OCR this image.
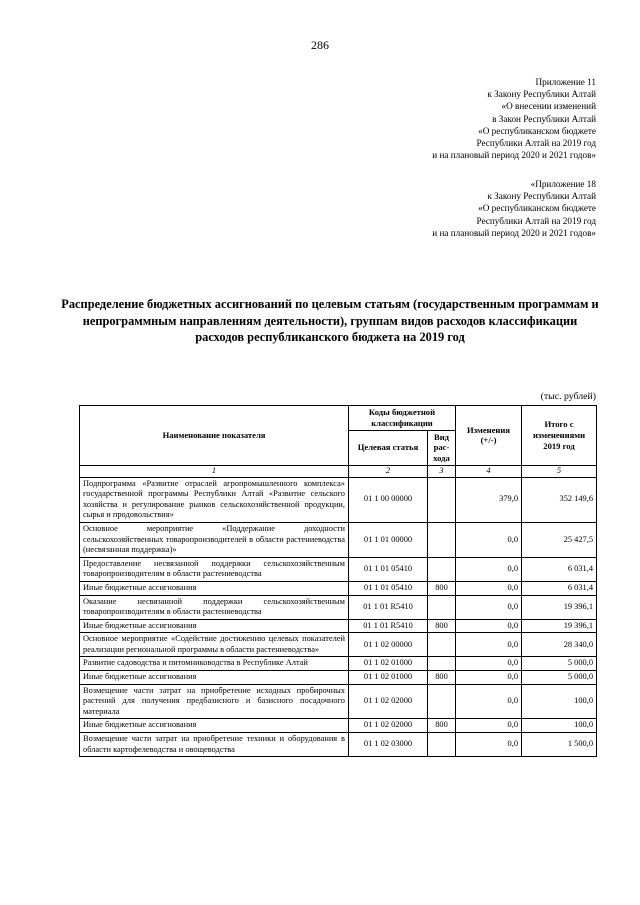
286
Приложение 11
к Закону Республики Алтай
«О внесении изменений
в Закон Республики Алтай
«О республиканском бюджете
Республики Алтай на 2019 год
и на плановый период 2020 и 2021 годов»
«Приложение 18
к Закону Республики Алтай
«О республиканском бюджете
Республики Алтай на 2019 год
и на плановый период 2020 и 2021 годов»
Распределение бюджетных ассигнований по целевым статьям (государственным программам и непрограммным направлениям деятельности), группам видов расходов классификации расходов республиканского бюджета на 2019 год
(тыс. рублей)
Наименование показателя	Коды бюджетной классификации		Изменения (+/-)	Итого с изменениями 2019 год
	Целевая статья	Вид рас-хода		
1	2	3	4	5
Подпрограмма «Развитие отраслей агропромышленного комплекса» государственной программы Республики Алтай «Развитие сельского хозяйства и регулирование рынков сельскохозяйственной продукции, сырья и продовольствия»	01 1 00 00000		379,0	352 149,6
Основное мероприятие «Поддержание доходности сельскохозяйственных товаропроизводителей в области растениеводства (несвязанная поддержка)»	01 1 01 00000		0,0	25 427,5
Предоставление несвязанной поддержки сельскохозяйственным товаропроизводителям в области растениеводства	01 1 01 05410		0,0	6 031,4
Иные бюджетные ассигнования	01 1 01 05410	800	0,0	6 031,4
Оказание несвязанной поддержки сельскохозяйственным товаропроизводителям в области растениеводства	01 1 01 R5410		0,0	19 396,1
Иные бюджетные ассигнования	01 1 01 R5410	800	0,0	19 396,1
Основное мероприятие «Содействие достижению целевых показателей реализации региональной программы в области растениеводства»	01 1 02 00000		0,0	28 340,0
Развитие садоводства и питомниководства в Республике Алтай	01 1 02 01000		0,0	5 000,0
Иные бюджетные ассигнования	01 1 02 01000	800	0,0	5 000,0
Возмещение части затрат на приобретение исходных пробирочных растений для получения предбазисного и базисного посадочного материала	01 1 02 02000		0,0	100,0
Иные бюджетные ассигнования	01 1 02 02000	800	0,0	100,0
Возмещение части затрат на приобретение техники и оборудования в области картофелеводства и овощеводства	01 1 02 03000		0,0	1 500,0
